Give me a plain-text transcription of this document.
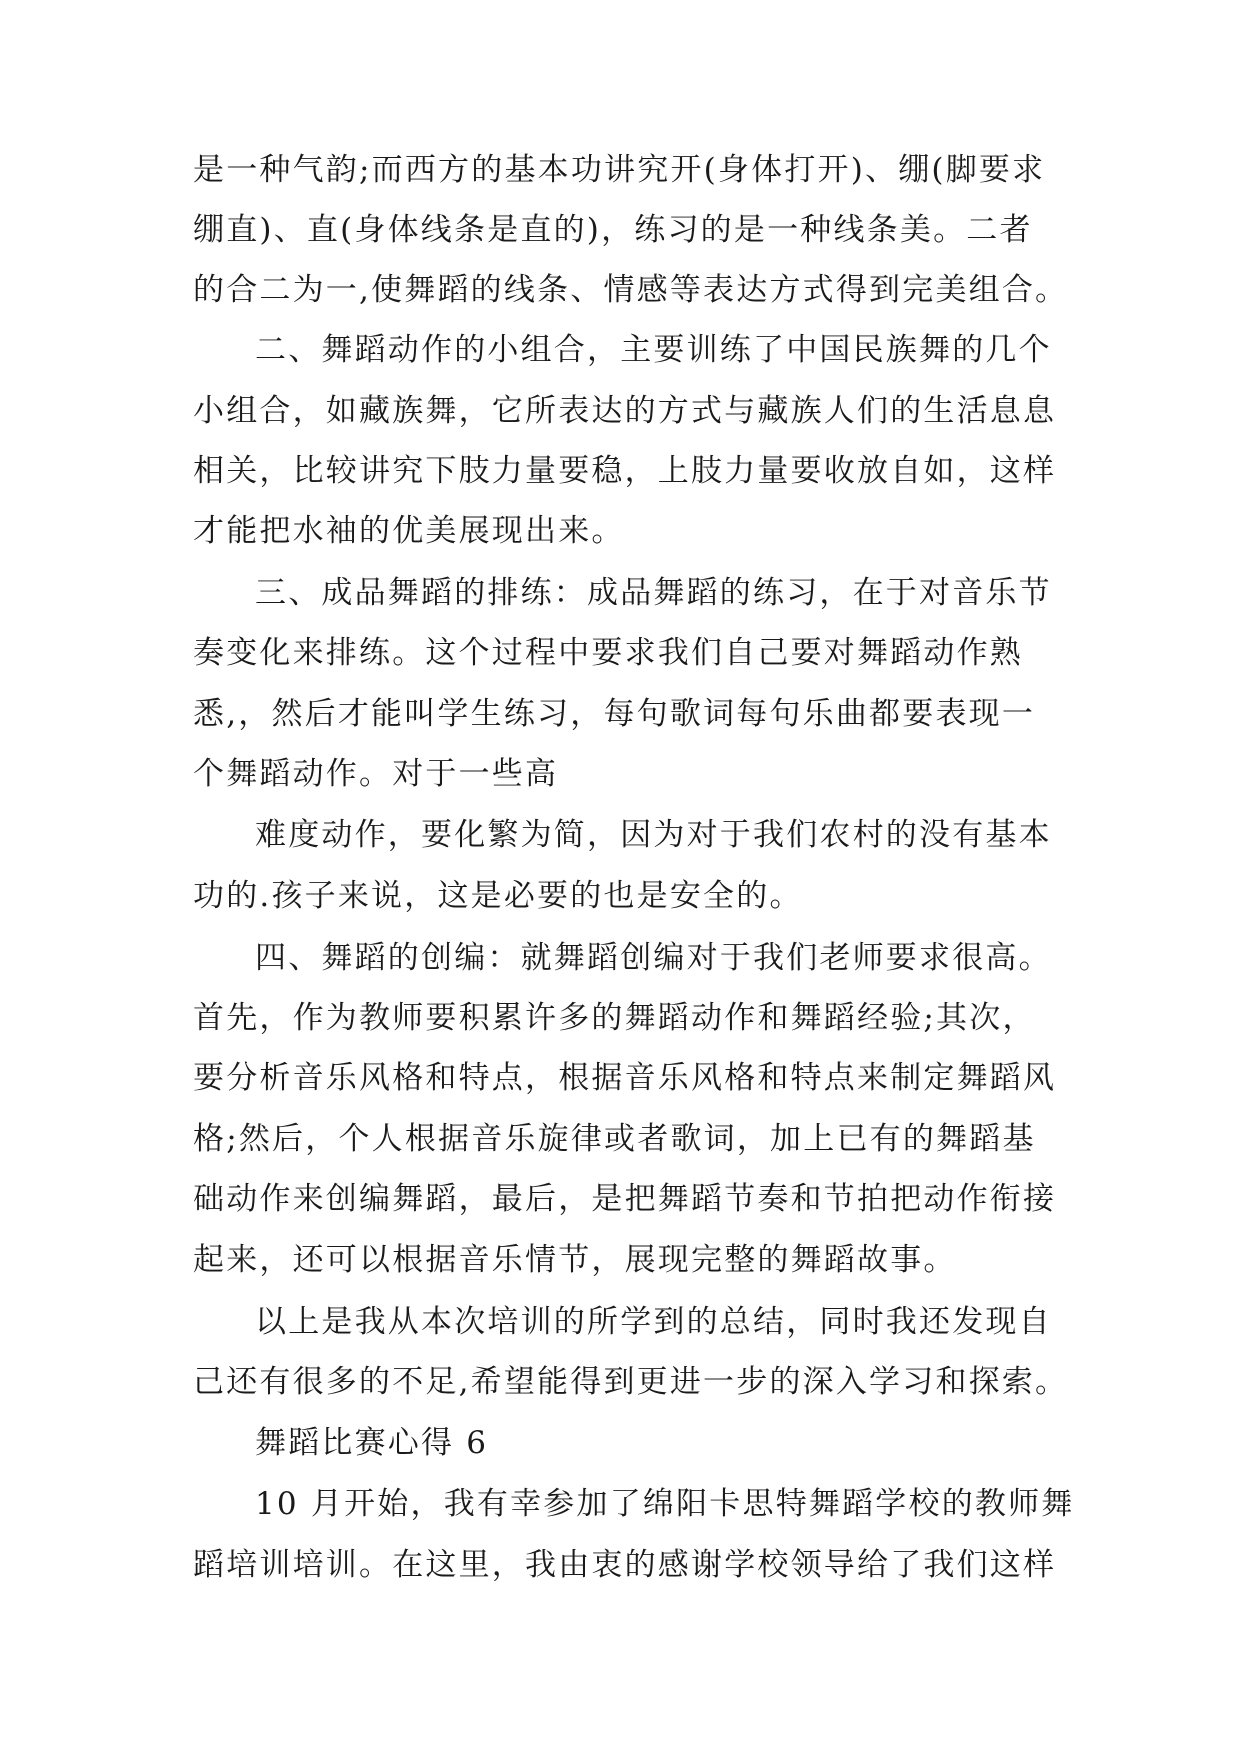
是一种气韵;而西方的基本功讲究开(身体打开)、绷(脚要求
绷直)、直(身体线条是直的)，练习的是一种线条美。二者
的合二为一,使舞蹈的线条、情感等表达方式得到完美组合。
二、舞蹈动作的小组合，主要训练了中国民族舞的几个
小组合，如藏族舞，它所表达的方式与藏族人们的生活息息
相关，比较讲究下肢力量要稳，上肢力量要收放自如，这样
才能把水袖的优美展现出来。
三、成品舞蹈的排练：成品舞蹈的练习，在于对音乐节
奏变化来排练。这个过程中要求我们自己要对舞蹈动作熟
悉,，然后才能叫学生练习，每句歌词每句乐曲都要表现一
个舞蹈动作。对于一些高
难度动作，要化繁为简，因为对于我们农村的没有基本
功的.孩子来说，这是必要的也是安全的。
四、舞蹈的创编：就舞蹈创编对于我们老师要求很高。
首先，作为教师要积累许多的舞蹈动作和舞蹈经验;其次，
要分析音乐风格和特点，根据音乐风格和特点来制定舞蹈风
格;然后，个人根据音乐旋律或者歌词，加上已有的舞蹈基
础动作来创编舞蹈，最后，是把舞蹈节奏和节拍把动作衔接
起来，还可以根据音乐情节，展现完整的舞蹈故事。
以上是我从本次培训的所学到的总结，同时我还发现自
己还有很多的不足,希望能得到更进一步的深入学习和探索。
舞蹈比赛心得 6
10 月开始，我有幸参加了绵阳卡思特舞蹈学校的教师舞
蹈培训培训。在这里，我由衷的感谢学校领导给了我们这样
